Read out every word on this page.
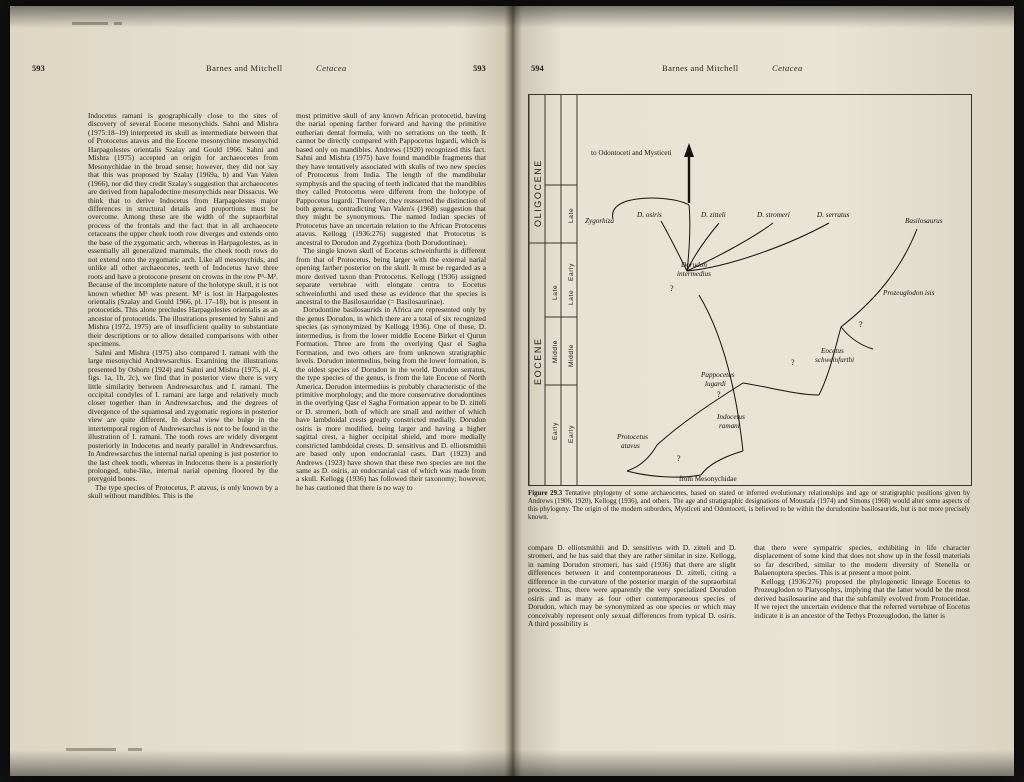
593	Barnes and Mitchell	Cetacea	593

Indocetus ramani is geographically close to the sites of discovery of several Eocene mesonychids. Sahni and Mishra (1975:18–19) interpreted its skull as intermediate between that of Protocetus atavus and the Eocene mesonychine mesonychid Harpagolestes orientalis Szalay and Gould 1966. Sahni and Mishra (1975) accepted an origin for archaeocetes from Mesonychidae in the broad sense; however, they did not say that this was proposed by Szalay (1969a, b) and Van Valen (1966), nor did they credit Szalay's suggestion that archaeocetes are derived from hapalodectine mesonychids near Dissacus. We think that to derive Indocetus from Harpagolestes major differences in structural details and proportions must be overcome. Among these are the width of the supraorbital process of the frontals and the fact that in all archaeocete cetaceans the upper cheek tooth row diverges and extends onto the base of the zygomatic arch, whereas in Harpagolestes, as in essentially all generalized mammals, the cheek tooth rows do not extend onto the zygomatic arch. Like all mesonychids, and unlike all other archaeocetes, teeth of Indocetus have three roots and have a protocone present on crowns in the row P³–M². Because of the incomplete nature of the holotype skull, it is not known whether M³ was present. M³ is lost in Harpagolestes orientalis (Szalay and Gould 1966, pl. 17–18), but is present in protocetids. This alone precludes Harpagolestes orientalis as an ancestor of protocetids. The illustrations presented by Sahni and Mishra (1972, 1975) are of insufficient quality to substantiate their descriptions or to allow detailed comparisons with other specimens.

Sahni and Mishra (1975) also compared I. ramani with the large mesonychid Andrewsarchus. Examining the illustrations presented by Osborn (1924) and Sahni and Mishra (1975, pl. 4, figs. 1a, 1b, 2c), we find that in posterior view there is very little similarity between Andrewsarchus and I. ramani. The occipital condyles of I. ramani are large and relatively much closer together than in Andrewsarchus, and the degrees of divergence of the squamosal and zygomatic regions in posterior view are quite different. In dorsal view the bulge in the intertemporal region of Andrewsarchus is not to be found in the illustration of I. ramani. The tooth rows are widely divergent posteriorly in Indocetus and nearly parallel in Andrewsarchus. In Andrewsarchus the internal narial opening is just posterior to the last cheek tooth, whereas in Indocetus there is a posteriorly prolonged, tube-like, internal narial opening floored by the pterygoid bones.

The type species of Protocetus, P. atavus, is only known by a skull without mandibles. This is the

most primitive skull of any known African protocetid, having the narial opening farther forward and having the primitive eutherian dental formula, with no serrations on the teeth. It cannot be directly compared with Pappocetus lugardi, which is based only on mandibles. Andrews (1920) recognized this fact. Sahni and Mishra (1975) have found mandible fragments that they have tentatively associated with skulls of two new species of Protocetus from India. The length of the mandibular symphysis and the spacing of teeth indicated that the mandibles they called Protocetus were different from the holotype of Pappocetus lugardi. Therefore, they reasserted the distinction of both genera, contradicting Van Valen's (1968) suggestion that they might be synonymous. The named Indian species of Protocetus have an uncertain relation to the African Protocetus atavus. Kellogg (1936:276) suggested that Protocetus is ancestral to Dorudon and Zygorhiza (both Dorudontinae).

The single known skull of Eocetus schweinfurthi is different from that of Protocetus, being larger with the external narial opening farther posterior on the skull. It must be regarded as a more derived taxon than Protocetus. Kellogg (1936) assigned separate vertebrae with elongate centra to Eocetus schweinfurthi and used these as evidence that the species is ancestral to the Basilosauridae (= Basilosaurinae).

Dorudontine basilosaurids in Africa are represented only by the genus Dorudon, in which there are a total of six recognized species (as synonymized by Kellogg 1936). One of these, D. intermedius, is from the lower middle Eocene Birket el Qurun Formation. Three are from the overlying Qasr el Sagha Formation, and two others are from unknown stratigraphic levels. Dorudon intermedius, being from the lower formation, is the oldest species of Dorudon in the world. Dorudon serratus, the type species of the genus, is from the late Eocene of North America. Dorudon intermedius is probably characteristic of the primitive morphology; and the more conservative dorudontines in the overlying Qasr el Sagha Formation appear to be D. zitteli or D. stromeri, both of which are small and neither of which have lambdoidal crests greatly constricted medially. Dorudon osiris is more modified, being larger and having a higher sagittal crest, a higher occipital shield, and more medially constricted lambdoidal crests. D. sensitivus and D. elliotsmithii are based only upon endocranial casts. Dart (1923) and Andrews (1923) have shown that these two species are not the same as D. osiris, an endocranial cast of which was made from a skull. Kellogg (1936) has followed their taxonomy; however, he has cautioned that there is no way to

594	Barnes and Mitchell	Cetacea
OLIGOCENE
EOCENE
Late
Middle
Early
Late
Early
Late
Middle
Early
to Odontoceti and Mysticeti
Zygorhiza	Basilosaurus
D. osiris	D. zitteli	D. stromeri	D. serratus
Dorudon
intermedius
Prozeuglodon isis
Eocetus
schweinfurthi
Pappocetus
lugardi
Indocetus
ramani
Protocetus
atavus
from Mesonychidae
?
?
?
?
?
Figure 29.3 Tentative phylogeny of some archaeocetes, based on stated or inferred evolutionary relationships and age or stratigraphic positions given by Andrews (1906, 1920), Kellogg (1936), and others. The age and stratigraphic designations of Moustafa (1974) and Simons (1968) would alter some aspects of this phylogeny. The origin of the modern suborders, Mysticeti and Odontoceti, is believed to be within the dorudontine basilosaurids, but is not more precisely known.

compare D. elliotsmithii and D. sensitivus with D. zitteli and D. stromeri, and he has said that they are rather similar in size. Kellogg, in naming Dorudon stromeri, has said (1936) that there are slight differences between it and contemporaneous D. zitteli, citing a difference in the curvature of the posterior margin of the supraorbital process. Thus, there were apparently the very specialized Dorudon osiris and as many as four other contemporaneous species of Dorudon, which may be synonymized as one species or which may conceivably represent only sexual differences from typical D. osiris. A third possibility is

that there were sympatric species, exhibiting in life character displacement of some kind that does not show up in the fossil materials so far described, similar to the modern diversity of Stenella or Balaenoptera species. This is at present a moot point.

Kellogg (1936:276) proposed the phylogenetic lineage Eocetus to Prozeuglodon to Platyosphys, implying that the latter would be the most derived basilosaurine and that the subfamily evolved from Protocetidae. If we reject the uncertain evidence that the referred vertebrae of Eocetus indicate it is an ancestor of the Tethys Prozeuglodon, the latter is
